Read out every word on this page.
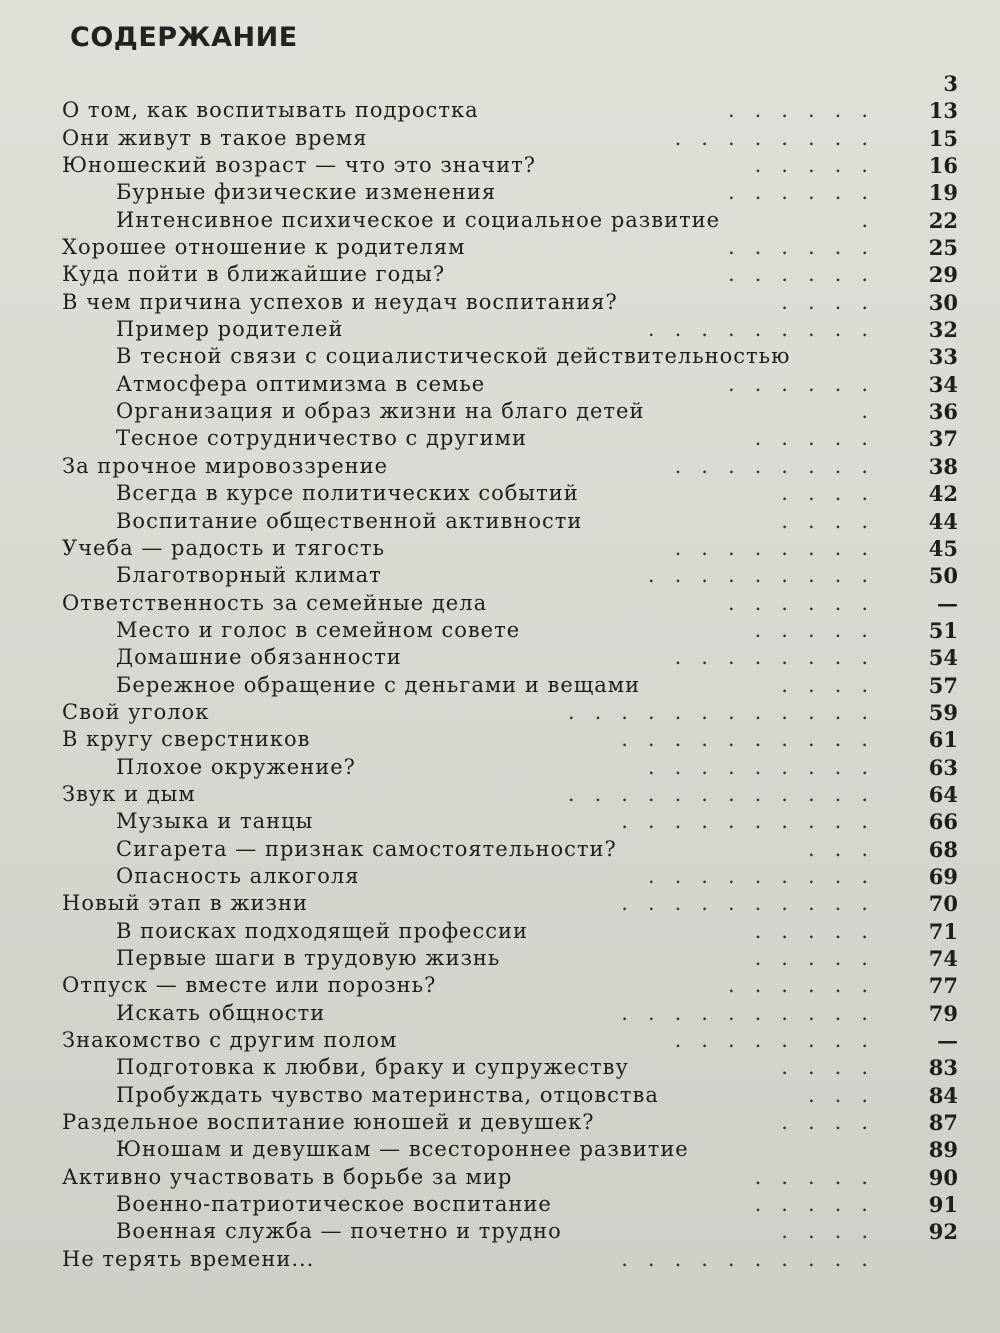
СОДЕРЖАНИЕ
3
О том, как воспитывать подростка	......	13
Они живут в такое время	........	15
Юношеский возраст — что это значит?	.....	16
Бурные физические изменения	......	19
Интенсивное психическое и социальное развитие	.	22
Хорошее отношение к родителям	......	25
Куда пойти в ближайшие годы?	......	29
В чем причина успехов и неудач воспитания?	....	30
Пример родителей	.........	32
В тесной связи с социалистической действительностью	33
Атмосфера оптимизма в семье	......	34
Организация и образ жизни на благо детей	.	36
Тесное сотрудничество с другими	.....	37
За прочное мировоззрение	........	38
Всегда в курсе политических событий	....	42
Воспитание общественной активности	....	44
Учеба — радость и тягость	........	45
Благотворный климат	.........	50
Ответственность за семейные дела	......	—
Место и голос в семейном совете	.....	51
Домашние обязанности	........	54
Бережное обращение с деньгами и вещами	....	57
Свой уголок	............	59
В кругу сверстников	..........	61
Плохое окружение?	.........	63
Звук и дым	............	64
Музыка и танцы	..........	66
Сигарета — признак самостоятельности?	...	68
Опасность алкоголя	.........	69
Новый этап в жизни	..........	70
В поисках подходящей профессии	.....	71
Первые шаги в трудовую жизнь	.....	74
Отпуск — вместе или порознь?	......	77
Искать общности	..........	79
Знакомство с другим полом	........	—
Подготовка к любви, браку и супружеству	....	83
Пробуждать чувство материнства, отцовства	...	84
Раздельное воспитание юношей и девушек?	....	87
Юношам и девушкам — всестороннее развитие	89
Активно участвовать в борьбе за мир	.....	90
Военно-патриотическое воспитание	.....	91
Военная служба — почетно и трудно	....	92
Не терять времени...	..........
